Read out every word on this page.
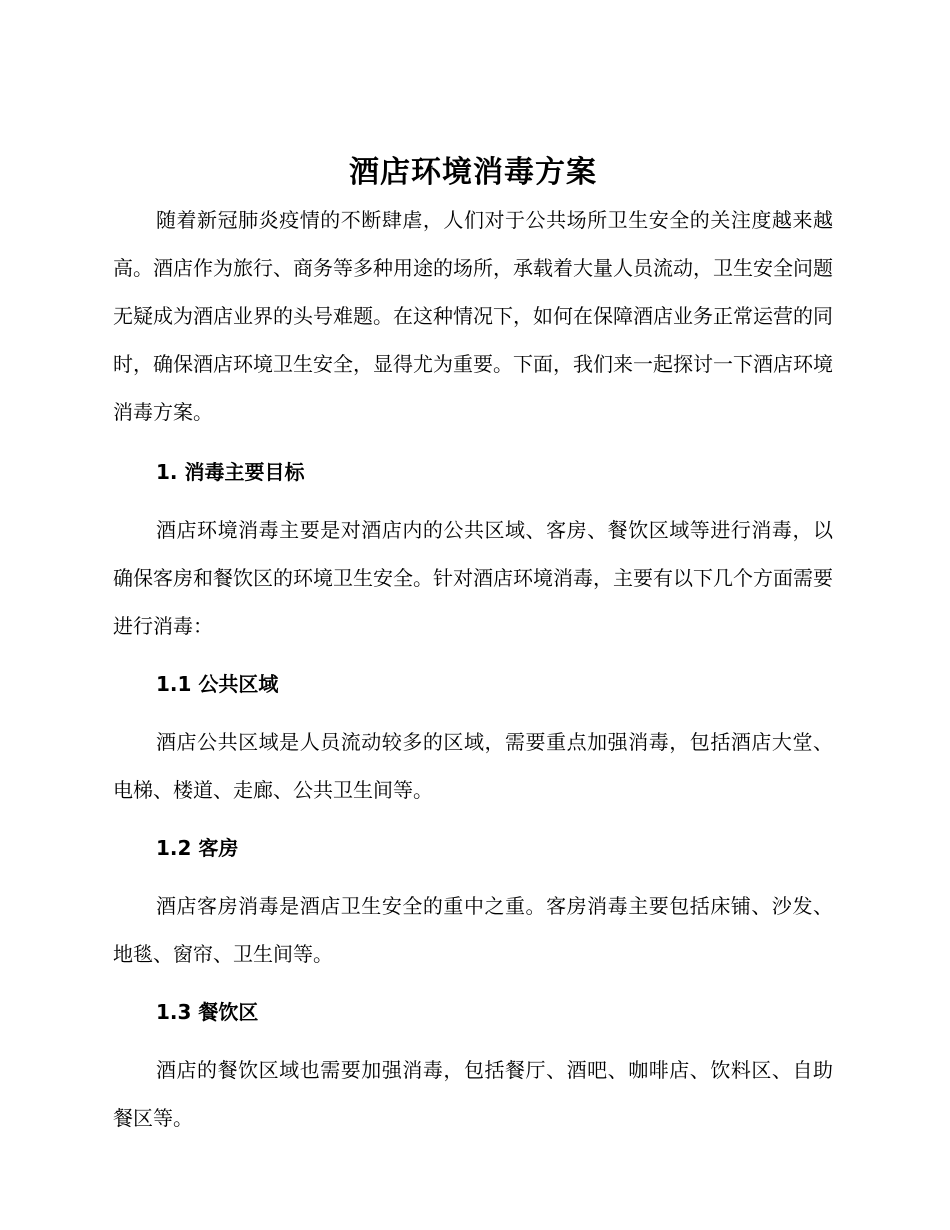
酒店环境消毒方案

随着新冠肺炎疫情的不断肆虐，人们对于公共场所卫生安全的关注度越来越高。酒店作为旅行、商务等多种用途的场所，承载着大量人员流动，卫生安全问题无疑成为酒店业界的头号难题。在这种情况下，如何在保障酒店业务正常运营的同时，确保酒店环境卫生安全，显得尤为重要。下面，我们来一起探讨一下酒店环境消毒方案。

1. 消毒主要目标

酒店环境消毒主要是对酒店内的公共区域、客房、餐饮区域等进行消毒，以确保客房和餐饮区的环境卫生安全。针对酒店环境消毒，主要有以下几个方面需要进行消毒：

1.1 公共区域

酒店公共区域是人员流动较多的区域，需要重点加强消毒，包括酒店大堂、电梯、楼道、走廊、公共卫生间等。

1.2 客房

酒店客房消毒是酒店卫生安全的重中之重。客房消毒主要包括床铺、沙发、地毯、窗帘、卫生间等。

1.3 餐饮区

酒店的餐饮区域也需要加强消毒，包括餐厅、酒吧、咖啡店、饮料区、自助餐区等。
